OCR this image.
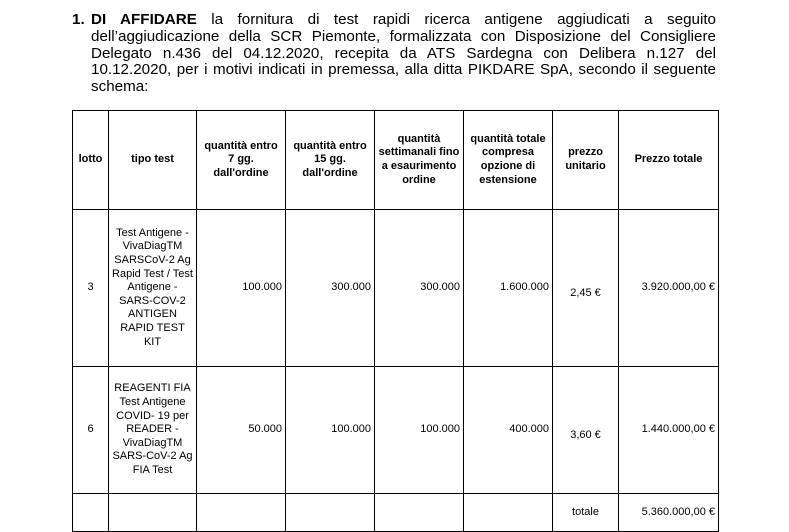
1. DI AFFIDARE la fornitura di test rapidi ricerca antigene aggiudicati a seguito dell’aggiudicazione della SCR Piemonte, formalizzata con Disposizione del Consigliere Delegato n.436 del 04.12.2020, recepita da ATS Sardegna con Delibera n.127 del 10.12.2020, per i motivi indicati in premessa, alla ditta PIKDARE SpA, secondo il seguente schema:
lotto	tipo test	quantità entro 7 gg. dall'ordine	quantità entro 15 gg. dall'ordine	quantità settimanali fino a esaurimento ordine	quantità totale compresa opzione di estensione	prezzo unitario	Prezzo totale
3	Test Antigene - VivaDiagTM SARSCoV-2 Ag Rapid Test / Test Antigene - SARS-COV-2 ANTIGEN RAPID TEST KIT	100.000	300.000	300.000	1.600.000	2,45 €	3.920.000,00 €
6	REAGENTI FIA Test Antigene COVID- 19 per READER - VivaDiagTM SARS-CoV-2 Ag FIA Test	50.000	100.000	100.000	400.000	3,60 €	1.440.000,00 €
						totale	5.360.000,00 €
